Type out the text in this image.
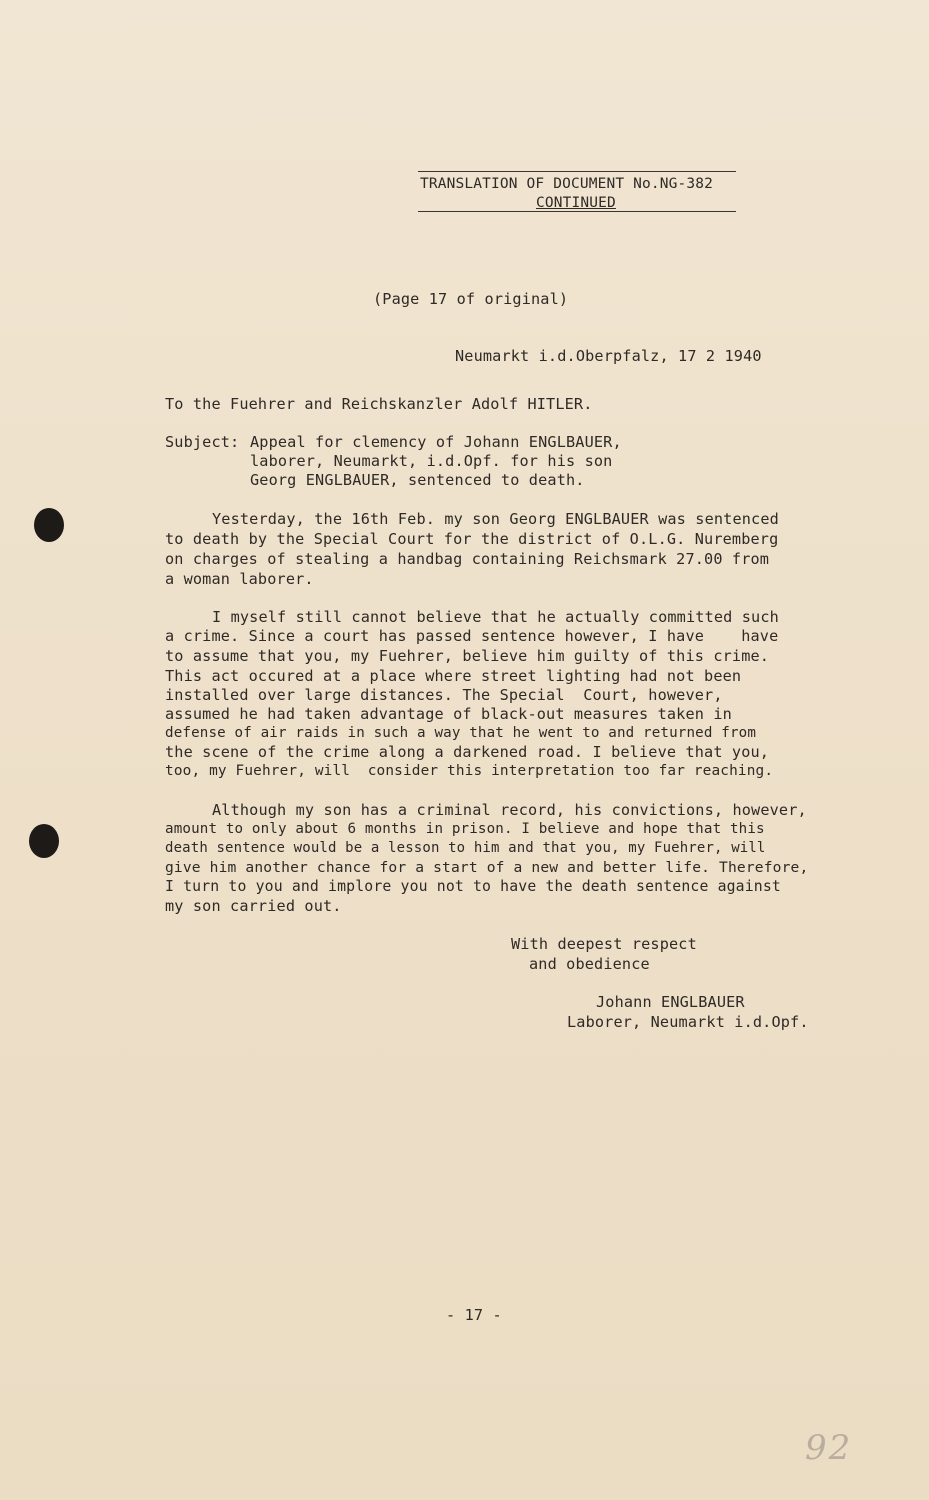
TRANSLATION OF DOCUMENT No.NG-382
CONTINUED
(Page 17 of original)
Neumarkt i.d.Oberpfalz, 17 2 1940
To the Fuehrer and Reichskanzler Adolf HITLER.
Subject: Appeal for clemency of Johann ENGLBAUER,
laborer, Neumarkt, i.d.Opf. for his son
Georg ENGLBAUER, sentenced to death.
Yesterday, the 16th Feb. my son Georg ENGLBAUER was sentenced
to death by the Special Court for the district of O.L.G. Nuremberg
on charges of stealing a handbag containing Reichsmark 27.00 from
a woman laborer.
I myself still cannot believe that he actually committed such
a crime. Since a court has passed sentence however, I have    have
to assume that you, my Fuehrer, believe him guilty of this crime.
This act occured at a place where street lighting had not been
installed over large distances. The Special  Court, however,
assumed he had taken advantage of black-out measures taken in
defense of air raids in such a way that he went to and returned from
the scene of the crime along a darkened road. I believe that you,
too, my Fuehrer, will  consider this interpretation too far reaching.
Although my son has a criminal record, his convictions, however,
amount to only about 6 months in prison. I believe and hope that this
death sentence would be a lesson to him and that you, my Fuehrer, will
give him another chance for a start of a new and better life. Therefore,
I turn to you and implore you not to have the death sentence against
my son carried out.
With deepest respect
and obedience
Johann ENGLBAUER
Laborer, Neumarkt i.d.Opf.
- 17 -
92
